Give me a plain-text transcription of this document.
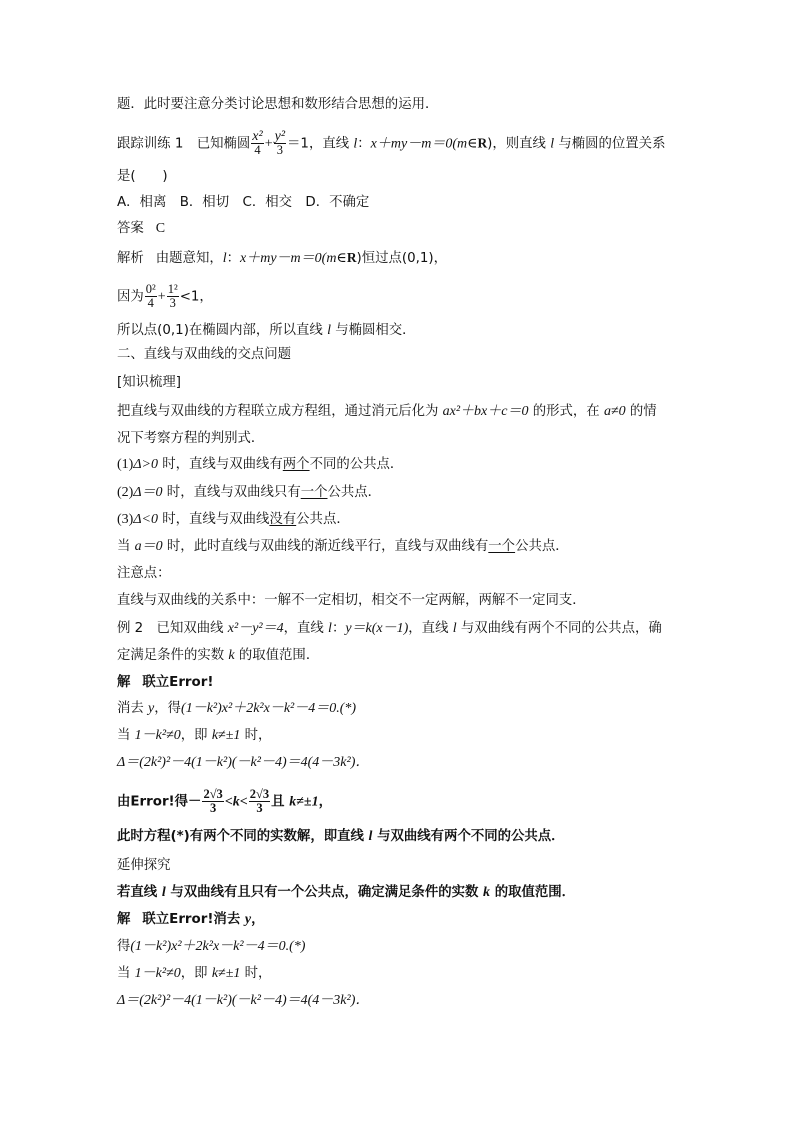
题．此时要注意分类讨论思想和数形结合思想的运用．
跟踪训练 1　已知椭圆 $\frac{\text{x²}}{4} + \frac{\text{y²}}{3} =1$，直线 l：x＋my－m＝0(m∈R)，则直线 l 与椭圆的位置关系
是(　　)
A．相离　B．相切　C．相交　D．不确定
答案 C
解析 由题意知，l：x＋my－m＝0(m∈R)恒过点(0,1)，
因为 $\frac{\text{0²}}{4} + \frac{\text{1²}}{3} <1$，
所以点(0,1)在椭圆内部，所以直线 l 与椭圆相交．
二、直线与双曲线的交点问题
[知识梳理]
把直线与双曲线的方程联立成方程组，通过消元后化为 ax²＋bx＋c＝0 的形式，在 a≠0 的情
况下考察方程的判别式．
(1)Δ>0 时，直线与双曲线有两个不同的公共点．
(2)Δ＝0 时，直线与双曲线只有一个公共点．
(3)Δ<0 时，直线与双曲线没有公共点．
当 a＝0 时，此时直线与双曲线的渐近线平行，直线与双曲线有一个公共点．
注意点：
直线与双曲线的关系中：一解不一定相切，相交不一定两解，两解不一定同支．
例 2　已知双曲线 x²－y²＝4，直线 l：y＝k(x－1)，直线 l 与双曲线有两个不同的公共点，确
定满足条件的实数 k 的取值范围．
解 联立Error!
消去 y，得(1－k²)x²＋2k²x－k²－4＝0.(*)
当 1－k²≠0，即 k≠±1 时，
Δ＝(2k²)²－4(1－k²)(－k²－4)＝4(4－3k²)．
由Error!得－ $\frac{2√3}{3} <k< \frac{2√3}{3}$ 且 k≠±1，
此时方程(*)有两个不同的实数解，即直线 l 与双曲线有两个不同的公共点．
延伸探究
若直线 l 与双曲线有且只有一个公共点，确定满足条件的实数 k 的取值范围．
解 联立Error!消去 y，
得(1－k²)x²＋2k²x－k²－4＝0.(*)
当 1－k²≠0，即 k≠±1 时，
Δ＝(2k²)²－4(1－k²)(－k²－4)＝4(4－3k²)．
